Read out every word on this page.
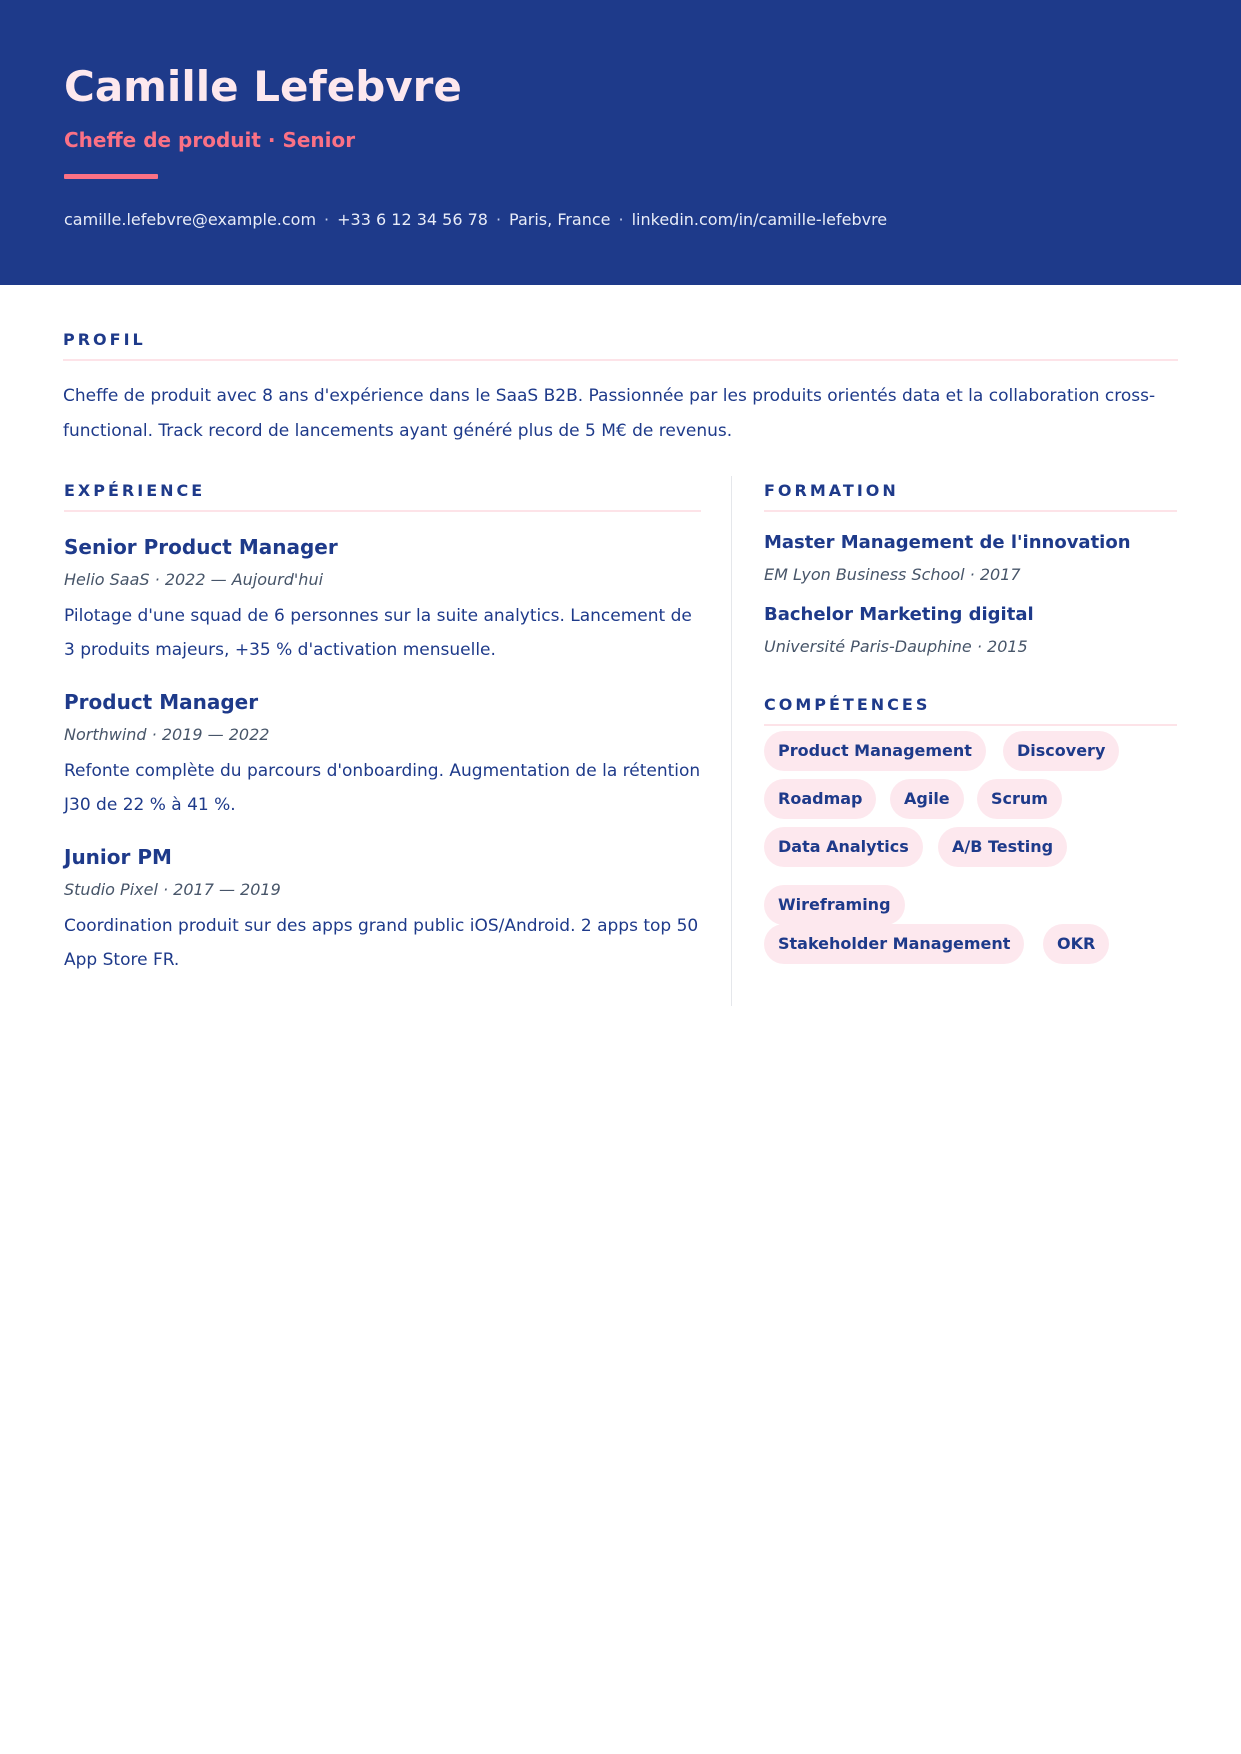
Camille Lefebvre
Cheffe de produit · Senior
camille.lefebvre@example.com · +33 6 12 34 56 78 · Paris, France · linkedin.com/in/camille-lefebvre
PROFIL
Cheffe de produit avec 8 ans d'expérience dans le SaaS B2B. Passionnée par les produits orientés data et la collaboration cross-functional. Track record de lancements ayant généré plus de 5 M€ de revenus.
EXPÉRIENCE
Senior Product Manager
Helio SaaS · 2022 — Aujourd'hui
Pilotage d'une squad de 6 personnes sur la suite analytics. Lancement de 3 produits majeurs, +35 % d'activation mensuelle.
Product Manager
Northwind · 2019 — 2022
Refonte complète du parcours d'onboarding. Augmentation de la rétention J30 de 22 % à 41 %.
Junior PM
Studio Pixel · 2017 — 2019
Coordination produit sur des apps grand public iOS/Android. 2 apps top 50 App Store FR.
FORMATION
Master Management de l'innovation
EM Lyon Business School · 2017
Bachelor Marketing digital
Université Paris-Dauphine · 2015
COMPÉTENCES
Product Management	Discovery
Roadmap	Agile	Scrum
Data Analytics	A/B Testing
Wireframing
Stakeholder Management	OKR
